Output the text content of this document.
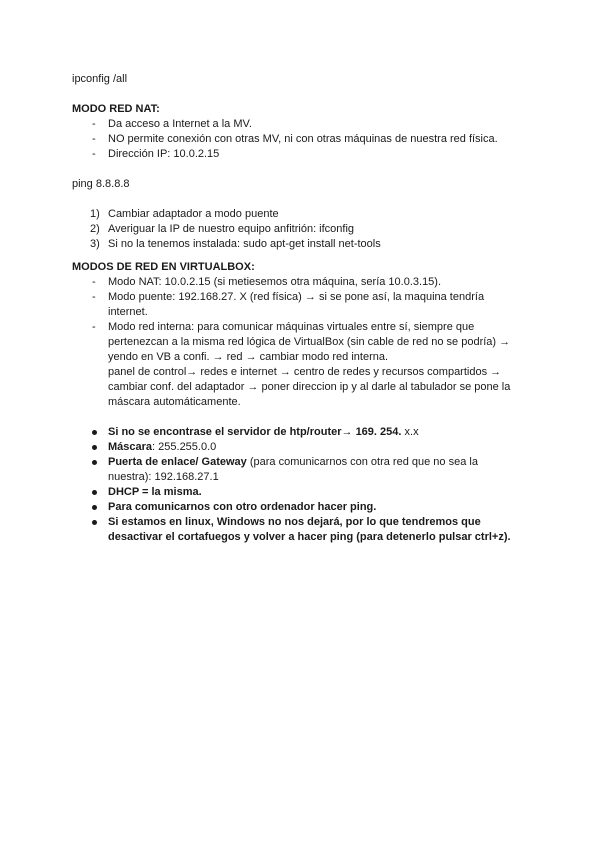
ipconfig /all

MODO RED NAT:

- Da acceso a Internet a la MV.
- NO permite conexión con otras MV, ni con otras máquinas de nuestra red física.
- Dirección IP: 10.0.2.15

ping 8.8.8.8

1) Cambiar adaptador a modo puente
2) Averiguar la IP de nuestro equipo anfitrión: ifconfig
3) Si no la tenemos instalada: sudo apt-get install net-tools

MODOS DE RED EN VIRTUALBOX:

- Modo NAT: 10.0.2.15 (si metiesemos otra máquina, sería 10.0.3.15).
- Modo puente: 192.168.27. X (red física) → si se pone así, la maquina tendría
internet.
- Modo red interna: para comunicar máquinas virtuales entre sí, siempre que
pertenezcan a la misma red lógica de VirtualBox (sin cable de red no se podría) →
yendo en VB a confi. → red → cambiar modo red interna.
panel de control→ redes e internet → centro de redes y recursos compartidos →
cambiar conf. del adaptador → poner direccion ip y al darle al tabulador se pone la
máscara automáticamente.
Si no se encontrase el servidor de htp/router→ 169. 254. x.x
Máscara: 255.255.0.0
Puerta de enlace/ Gateway (para comunicarnos con otra red que no sea la
nuestra): 192.168.27.1
DHCP = la misma.
Para comunicarnos con otro ordenador hacer ping.
Si estamos en linux, Windows no nos dejará, por lo que tendremos que
desactivar el cortafuegos y volver a hacer ping (para detenerlo pulsar ctrl+z).
